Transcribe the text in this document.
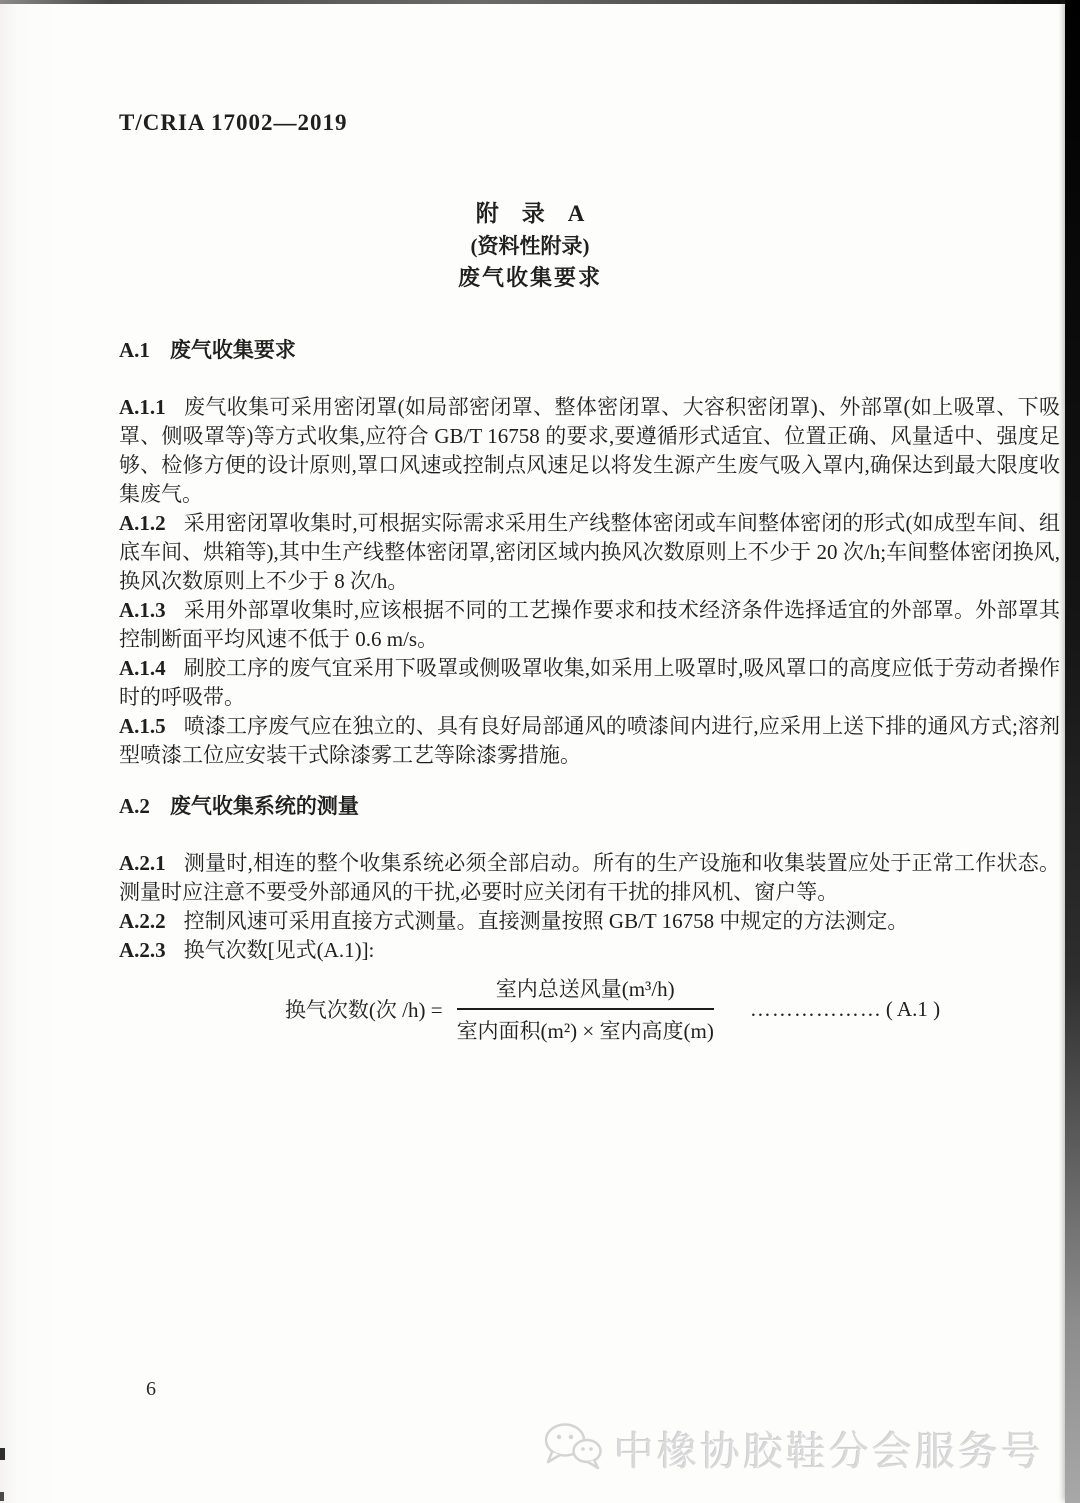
T/CRIA 17002—2019
附　录　A
(资料性附录)
废气收集要求
A.1 废气收集要求

A.1.1 废气收集可采用密闭罩(如局部密闭罩、整体密闭罩、大容积密闭罩)、外部罩(如上吸罩、下吸罩、侧吸罩等)等方式收集,应符合 GB/T 16758 的要求,要遵循形式适宜、位置正确、风量适中、强度足够、检修方便的设计原则,罩口风速或控制点风速足以将发生源产生废气吸入罩内,确保达到最大限度收集废气。

A.1.2 采用密闭罩收集时,可根据实际需求采用生产线整体密闭或车间整体密闭的形式(如成型车间、组底车间、烘箱等),其中生产线整体密闭罩,密闭区域内换风次数原则上不少于 20 次/h;车间整体密闭换风,换风次数原则上不少于 8 次/h。

A.1.3 采用外部罩收集时,应该根据不同的工艺操作要求和技术经济条件选择适宜的外部罩。外部罩其控制断面平均风速不低于 0.6 m/s。

A.1.4 刷胶工序的废气宜采用下吸罩或侧吸罩收集,如采用上吸罩时,吸风罩口的高度应低于劳动者操作时的呼吸带。

A.1.5 喷漆工序废气应在独立的、具有良好局部通风的喷漆间内进行,应采用上送下排的通风方式;溶剂型喷漆工位应安装干式除漆雾工艺等除漆雾措施。

A.2 废气收集系统的测量

A.2.1 测量时,相连的整个收集系统必须全部启动。所有的生产设施和收集装置应处于正常工作状态。测量时应注意不要受外部通风的干扰,必要时应关闭有干扰的排风机、窗户等。

A.2.2 控制风速可采用直接方式测量。直接测量按照 GB/T 16758 中规定的方法测定。

A.2.3 换气次数[见式(A.1)]:

换气次数(次 $/h) = \frac{\text{室内总送风量(m³/h)}}{\text{室内面积(m²) × 室内高度(m)}}$ ……………… ( A.1 )
6
中橡协胶鞋分会服务号
